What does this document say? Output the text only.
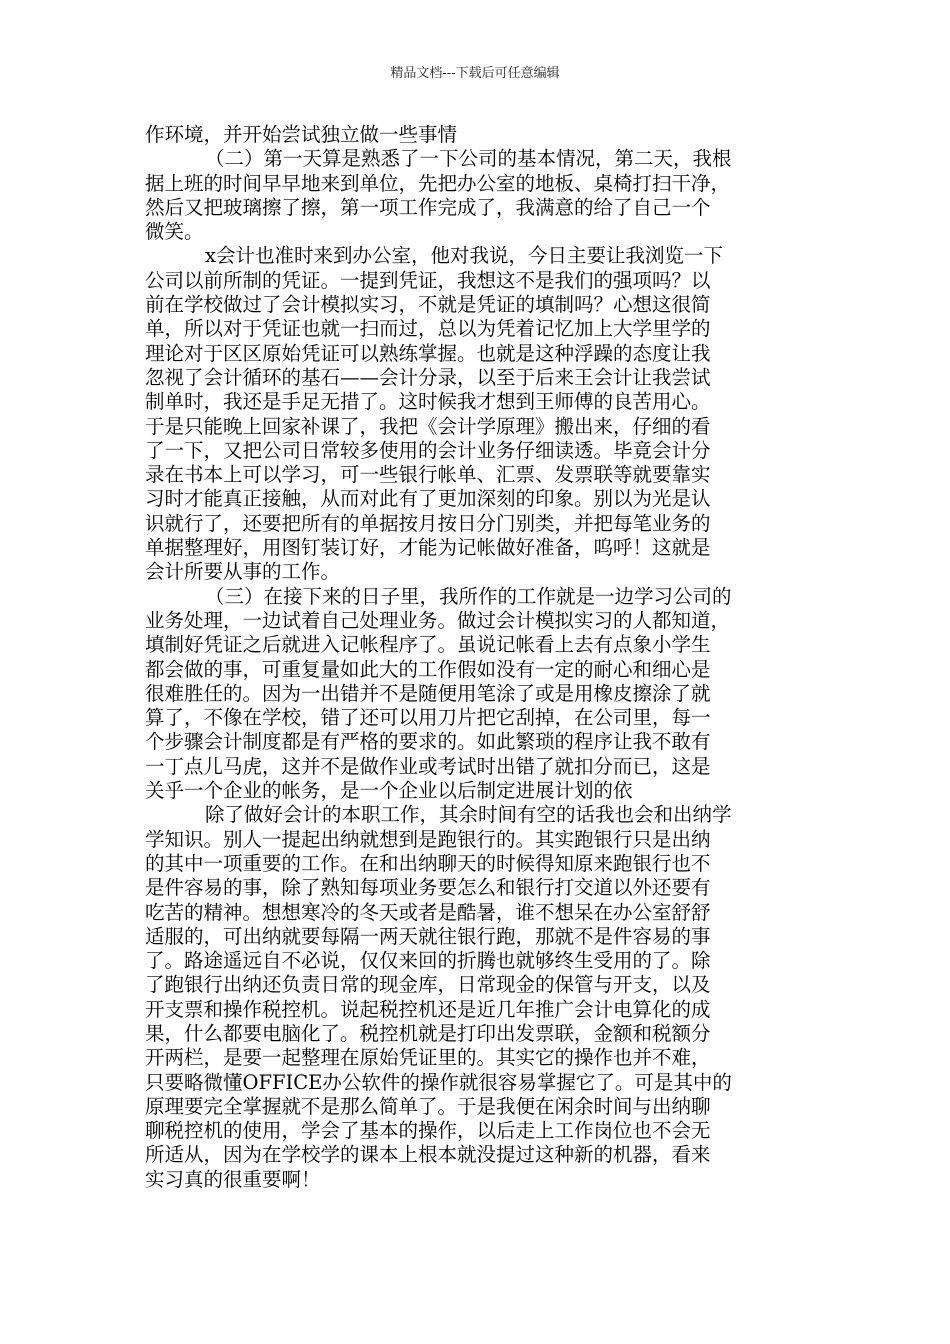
精品文档---下载后可任意编辑
作环境，并开始尝试独立做一些事情
（二）第一天算是熟悉了一下公司的基本情况，第二天，我根
据上班的时间早早地来到单位，先把办公室的地板、桌椅打扫干净，
然后又把玻璃擦了擦，第一项工作完成了，我满意的给了自己一个
微笑。
x会计也准时来到办公室，他对我说，今日主要让我浏览一下
公司以前所制的凭证。一提到凭证，我想这不是我们的强项吗？以
前在学校做过了会计模拟实习，不就是凭证的填制吗？心想这很简
单，所以对于凭证也就一扫而过，总以为凭着记忆加上大学里学的
理论对于区区原始凭证可以熟练掌握。也就是这种浮躁的态度让我
忽视了会计循环的基石——会计分录，以至于后来王会计让我尝试
制单时，我还是手足无措了。这时候我才想到王师傅的良苦用心。
于是只能晚上回家补课了，我把《会计学原理》搬出来，仔细的看
了一下，又把公司日常较多使用的会计业务仔细读透。毕竟会计分
录在书本上可以学习，可一些银行帐单、汇票、发票联等就要靠实
习时才能真正接触，从而对此有了更加深刻的印象。别以为光是认
识就行了，还要把所有的单据按月按日分门别类，并把每笔业务的
单据整理好，用图钉装订好，才能为记帐做好准备，呜呼！这就是
会计所要从事的工作。
（三）在接下来的日子里，我所作的工作就是一边学习公司的
业务处理，一边试着自己处理业务。做过会计模拟实习的人都知道，
填制好凭证之后就进入记帐程序了。虽说记帐看上去有点象小学生
都会做的事，可重复量如此大的工作假如没有一定的耐心和细心是
很难胜任的。因为一出错并不是随便用笔涂了或是用橡皮擦涂了就
算了，不像在学校，错了还可以用刀片把它刮掉，在公司里，每一
个步骤会计制度都是有严格的要求的。如此繁琐的程序让我不敢有
一丁点儿马虎，这并不是做作业或考试时出错了就扣分而已，这是
关乎一个企业的帐务，是一个企业以后制定进展计划的依
除了做好会计的本职工作，其余时间有空的话我也会和出纳学
学知识。别人一提起出纳就想到是跑银行的。其实跑银行只是出纳
的其中一项重要的工作。在和出纳聊天的时候得知原来跑银行也不
是件容易的事，除了熟知每项业务要怎么和银行打交道以外还要有
吃苦的精神。想想寒冷的冬天或者是酷暑，谁不想呆在办公室舒舒
适服的，可出纳就要每隔一两天就往银行跑，那就不是件容易的事
了。路途遥远自不必说，仅仅来回的折腾也就够终生受用的了。除
了跑银行出纳还负责日常的现金库，日常现金的保管与开支，以及
开支票和操作税控机。说起税控机还是近几年推广会计电算化的成
果，什么都要电脑化了。税控机就是打印出发票联，金额和税额分
开两栏，是要一起整理在原始凭证里的。其实它的操作也并不难，
只要略微懂OFFICE办公软件的操作就很容易掌握它了。可是其中的
原理要完全掌握就不是那么简单了。于是我便在闲余时间与出纳聊
聊税控机的使用，学会了基本的操作，以后走上工作岗位也不会无
所适从，因为在学校学的课本上根本就没提过这种新的机器，看来
实习真的很重要啊！
